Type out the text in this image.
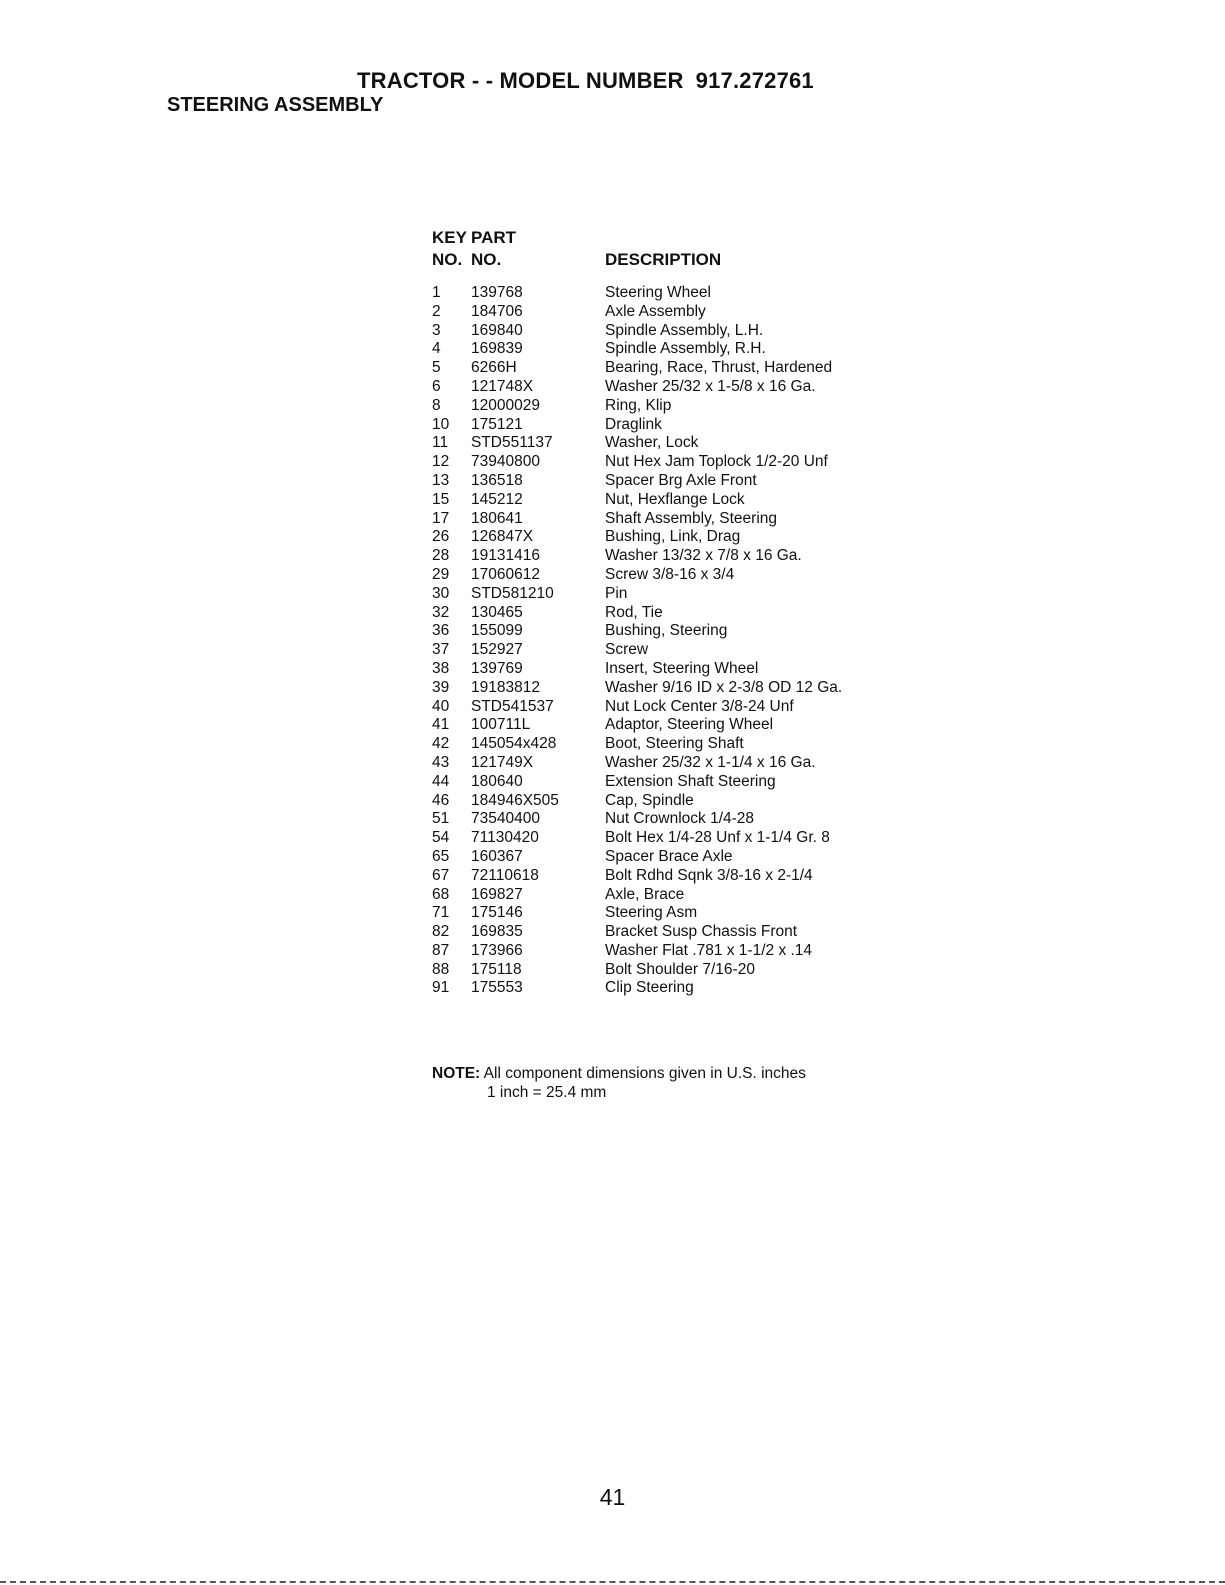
TRACTOR - - MODEL NUMBER 917.272761
STEERING ASSEMBLY
KEY PART
NO. NO.	DESCRIPTION
1 139768	Steering Wheel
2 184706	Axle Assembly
3 169840	Spindle Assembly, L.H.
4 169839	Spindle Assembly, R.H.
5 6266H	Bearing, Race, Thrust, Hardened
6 121748X	Washer 25/32 x 1-5/8 x 16 Ga.
8 12000029	Ring, Klip
10 175121	Draglink
11 STD551137	Washer, Lock
12 73940800	Nut Hex Jam Toplock 1/2-20 Unf
13 136518	Spacer Brg Axle Front
15 145212	Nut, Hexflange Lock
17 180641	Shaft Assembly, Steering
26 126847X	Bushing, Link, Drag
28 19131416	Washer 13/32 x 7/8 x 16 Ga.
29 17060612	Screw 3/8-16 x 3/4
30 STD581210	Pin
32 130465	Rod, Tie
36 155099	Bushing, Steering
37 152927	Screw
38 139769	Insert, Steering Wheel
39 19183812	Washer 9/16 ID x 2-3/8 OD 12 Ga.
40 STD541537	Nut Lock Center 3/8-24 Unf
41 100711L	Adaptor, Steering Wheel
42 145054x428	Boot, Steering Shaft
43 121749X	Washer 25/32 x 1-1/4 x 16 Ga.
44 180640	Extension Shaft Steering
46 184946X505	Cap, Spindle
51 73540400	Nut Crownlock 1/4-28
54 71130420	Bolt Hex 1/4-28 Unf x 1-1/4 Gr. 8
65 160367	Spacer Brace Axle
67 72110618	Bolt Rdhd Sqnk 3/8-16 x 2-1/4
68 169827	Axle, Brace
71 175146	Steering Asm
82 169835	Bracket Susp Chassis Front
87 173966	Washer Flat .781 x 1-1/2 x .14
88 175118	Bolt Shoulder 7/16-20
91 175553	Clip Steering
NOTE: All component dimensions given in U.S. inches
1 inch = 25.4 mm
41
